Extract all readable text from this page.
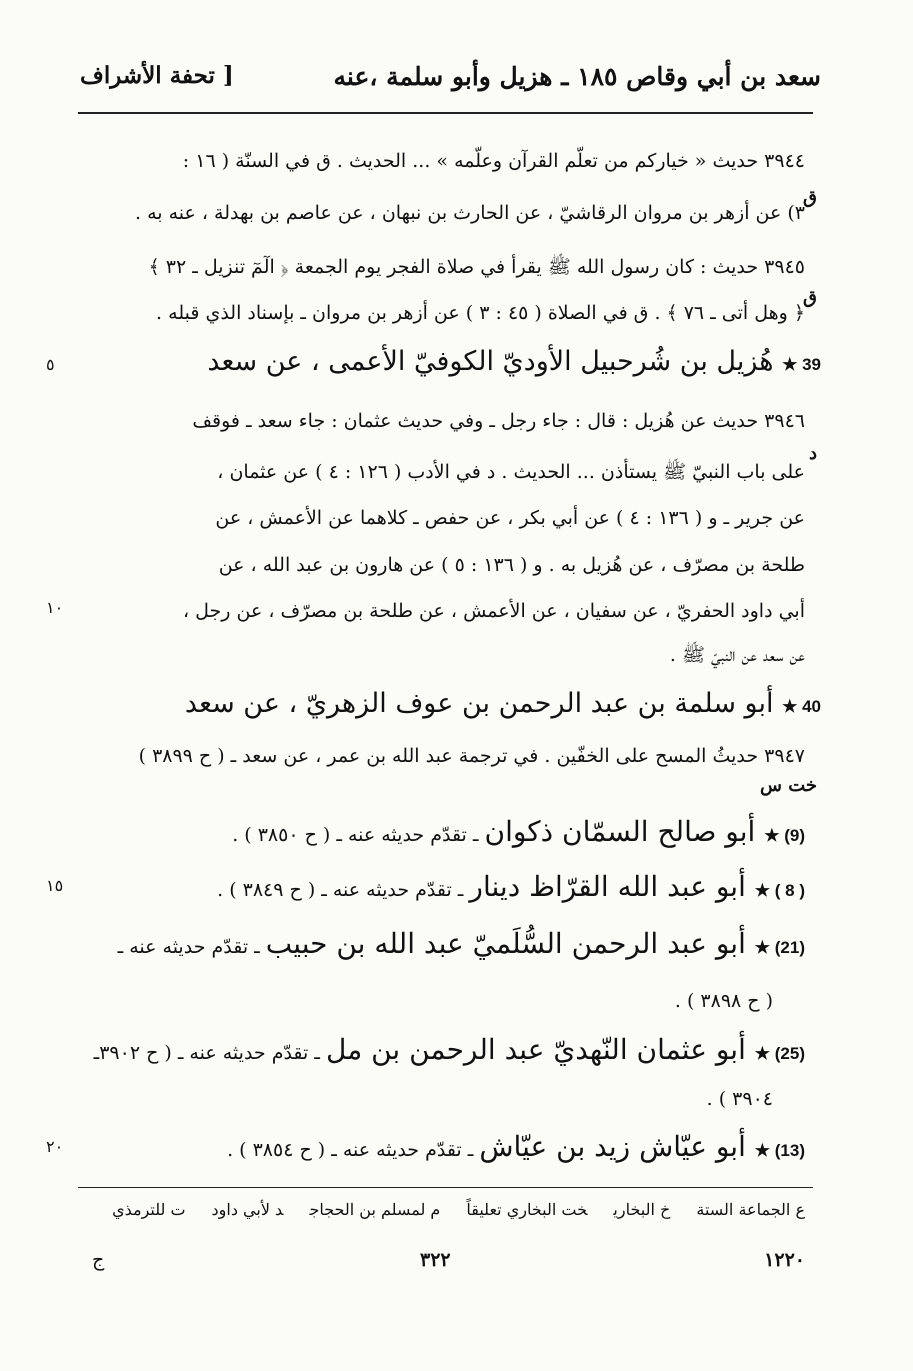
سعد بن أبي وقاص ١٨٥ ـ هزيل وأبو سلمة ،عنه
[ تحفة الأشراف
٣٩٤٤ حديث « خياركم من تعلّم القرآن وعلّمه » ... الحديث . ق في السنّة ( ١٦ :
٣) عن أزهر بن مروان الرقاشيّ ، عن الحارث بن نبهان ، عن عاصم بن بهدلة ، عنه به .
٣٩٤٥ حديث : كان رسول الله ﷺ يقرأ في صلاة الفجر يوم الجمعة ﴿ الٓمٓ تنزيل ـ ٣٢ ﴾
﴿ وهل أتى ـ ٧٦ ﴾ . ق في الصلاة ( ٤٥ : ٣ ) عن أزهر بن مروان ـ بإسناد الذي قبله .
39 ★ هُزيل بن شُرحبيل الأوديّ الكوفيّ الأعمى ، عن سعد
٣٩٤٦ حديث عن هُزيل : قال : جاء رجل ـ وفي حديث عثمان : جاء سعد ـ فوقف
على باب النبيّ ﷺ يستأذن ... الحديث . د في الأدب ( ١٢٦ : ٤ ) عن عثمان ،
عن جرير ـ و ( ١٣٦ : ٤ ) عن أبي بكر ، عن حفص ـ كلاهما عن الأعمش ، عن
طلحة بن مصرّف ، عن هُزيل به . و ( ١٣٦ : ٥ ) عن هارون بن عبد الله ، عن
أبي داود الحفريّ ، عن سفيان ، عن الأعمش ، عن طلحة بن مصرّف ، عن رجل ،
عن سعد عن النبيّ ﷺ .
40 ★ أبو سلمة بن عبد الرحمن بن عوف الزهريّ ، عن سعد
٣٩٤٧ حديثُ المسح على الخفّين . في ترجمة عبد الله بن عمر ، عن سعد ـ ( ح ٣٨٩٩ )
(9) ★ أبو صالح السمّان ذكوان ـ تقدّم حديثه عنه ـ ( ح ٣٨٥٠ ) .
( 8 ) ★ أبو عبد الله القرّاظ دينار ـ تقدّم حديثه عنه ـ ( ح ٣٨٤٩ ) .
(21) ★ أبو عبد الرحمن السُّلَميّ عبد الله بن حبيب ـ تقدّم حديثه عنه ـ
( ح ٣٨٩٨ ) .
(25) ★ أبو عثمان النّهديّ عبد الرحمن بن مل ـ تقدّم حديثه عنه ـ ( ح ٣٩٠٢ـ
. ( ٣٩٠٤
(13) ★ أبو عيّاش زيد بن عيّاش ـ تقدّم حديثه عنه ـ ( ح ٣٨٥٤ ) .
ق
ق
د
خت س
٥
١٠
١٥
٢٠
ع الجماعة الستةخ البخاريخت البخاري تعليقاًم لمسلم بن الحجاجد لأبي داودت للترمذي
١٢٢٠
٣٢٢
ج
